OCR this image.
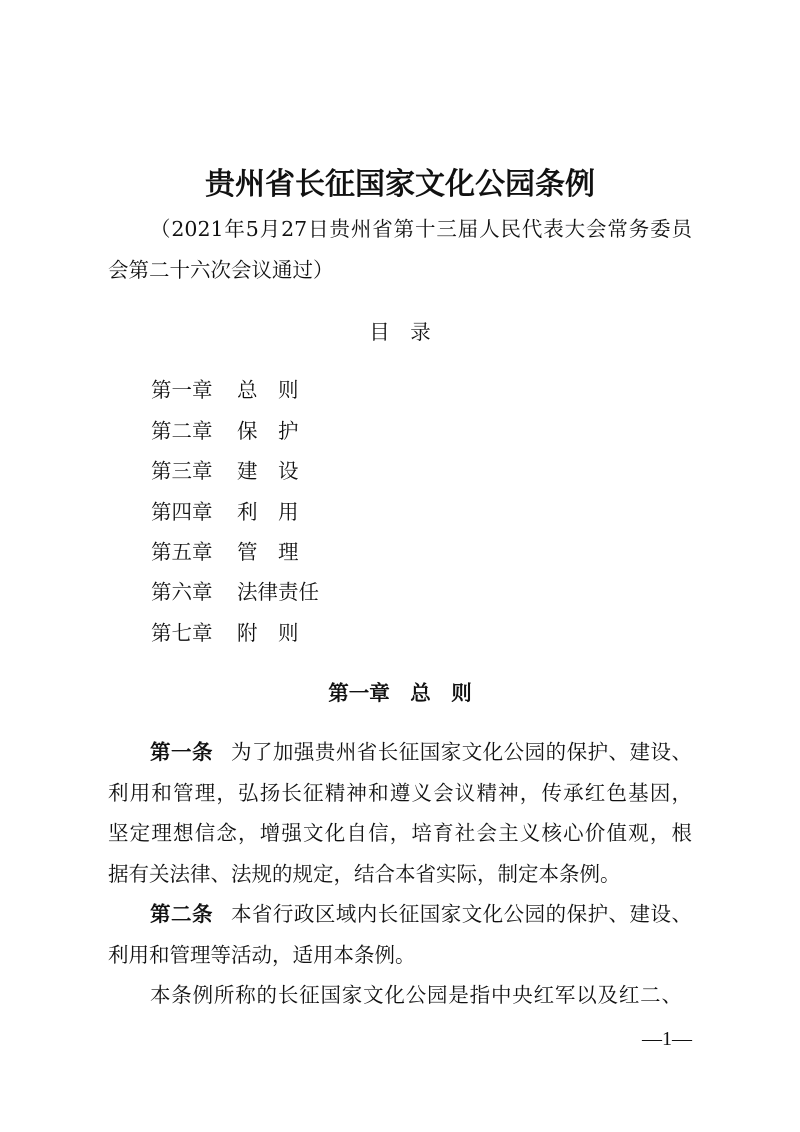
贵州省长征国家文化公园条例
（2021年5月27日贵州省第十三届人民代表大会常务委员
会第二十六次会议通过）
目　录
第一章 总　则
第二章 保　护
第三章 建　设
第四章 利　用
第五章 管　理
第六章 法律责任
第七章 附　则
第一章　总　则
第一条 为了加强贵州省长征国家文化公园的保护、建设、
利用和管理，弘扬长征精神和遵义会议精神，传承红色基因，
坚定理想信念，增强文化自信，培育社会主义核心价值观，根
据有关法律、法规的规定，结合本省实际，制定本条例。
第二条 本省行政区域内长征国家文化公园的保护、建设、
利用和管理等活动，适用本条例。
本条例所称的长征国家文化公园是指中央红军以及红二、
—1—
